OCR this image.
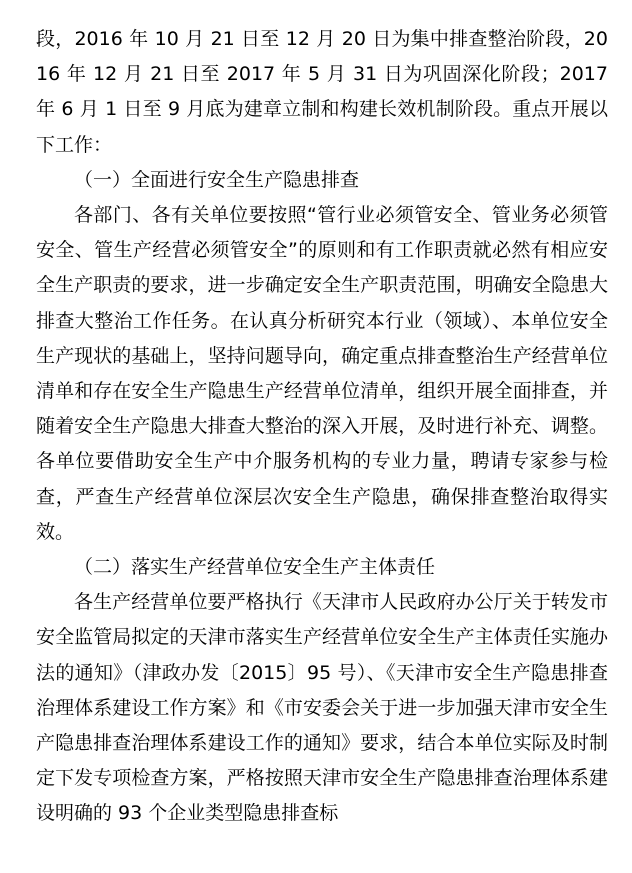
段，2016 年 10 月 21 日至 12 月 20 日为集中排查整治阶段，2016 年 12 月 21 日至 2017 年 5 月 31 日为巩固深化阶段；2017 年 6 月 1 日至 9 月底为建章立制和构建长效机制阶段。重点开展以下工作：

（一）全面进行安全生产隐患排查

各部门、各有关单位要按照“管行业必须管安全、管业务必须管安全、管生产经营必须管安全”的原则和有工作职责就必然有相应安全生产职责的要求，进一步确定安全生产职责范围，明确安全隐患大排查大整治工作任务。在认真分析研究本行业（领域）、本单位安全生产现状的基础上，坚持问题导向，确定重点排查整治生产经营单位清单和存在安全生产隐患生产经营单位清单，组织开展全面排查，并随着安全生产隐患大排查大整治的深入开展，及时进行补充、调整。各单位要借助安全生产中介服务机构的专业力量，聘请专家参与检查，严查生产经营单位深层次安全生产隐患，确保排查整治取得实效。

（二）落实生产经营单位安全生产主体责任

各生产经营单位要严格执行《天津市人民政府办公厅关于转发市安全监管局拟定的天津市落实生产经营单位安全生产主体责任实施办法的通知》（津政办发〔2015〕95 号）、《天津市安全生产隐患排查治理体系建设工作方案》和《市安委会关于进一步加强天津市安全生产隐患排查治理体系建设工作的通知》要求，结合本单位实际及时制定下发专项检查方案，严格按照天津市安全生产隐患排查治理体系建设明确的 93 个企业类型隐患排查标
